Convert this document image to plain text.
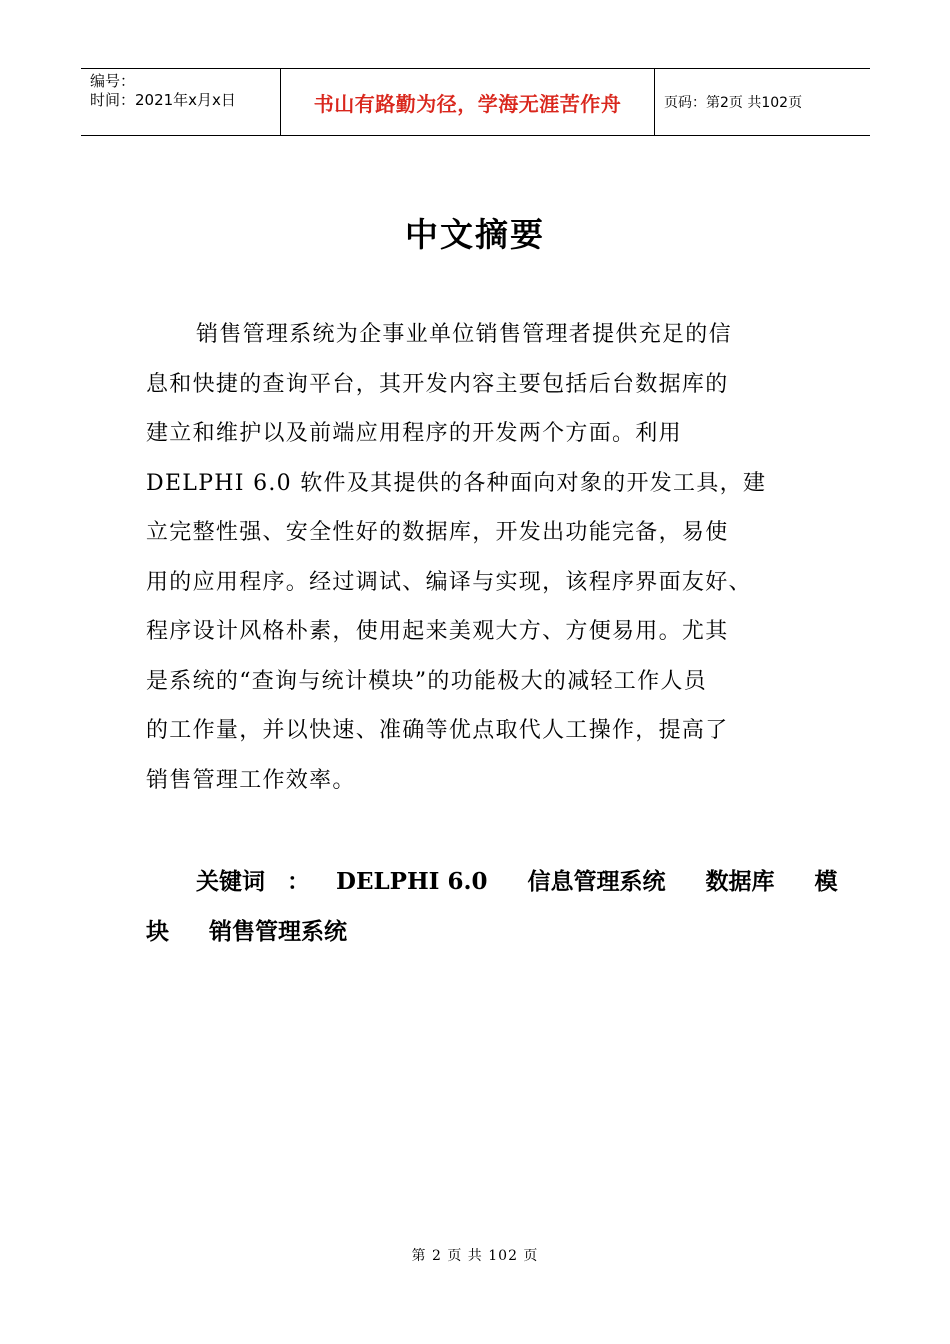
编号：
时间：2021年x月x日	书山有路勤为径，学海无涯苦作舟	页码：第2页 共102页
中文摘要

销售管理系统为企事业单位销售管理者提供充足的信
息和快捷的查询平台，其开发内容主要包括后台数据库的
建立和维护以及前端应用程序的开发两个方面。利用
DELPHI 6.0 软件及其提供的各种面向对象的开发工具，建
立完整性强、安全性好的数据库，开发出功能完备，易使
用的应用程序。经过调试、编译与实现，该程序界面友好、
程序设计风格朴素，使用起来美观大方、方便易用。尤其
是系统的“查询与统计模块”的功能极大的减轻工作人员
的工作量，并以快速、准确等优点取代人工操作，提高了
销售管理工作效率。

关键词 ：	DELPHI 6.0	信息管理系统	数据库	模
块	销售管理系统
第 2 页 共 102 页
